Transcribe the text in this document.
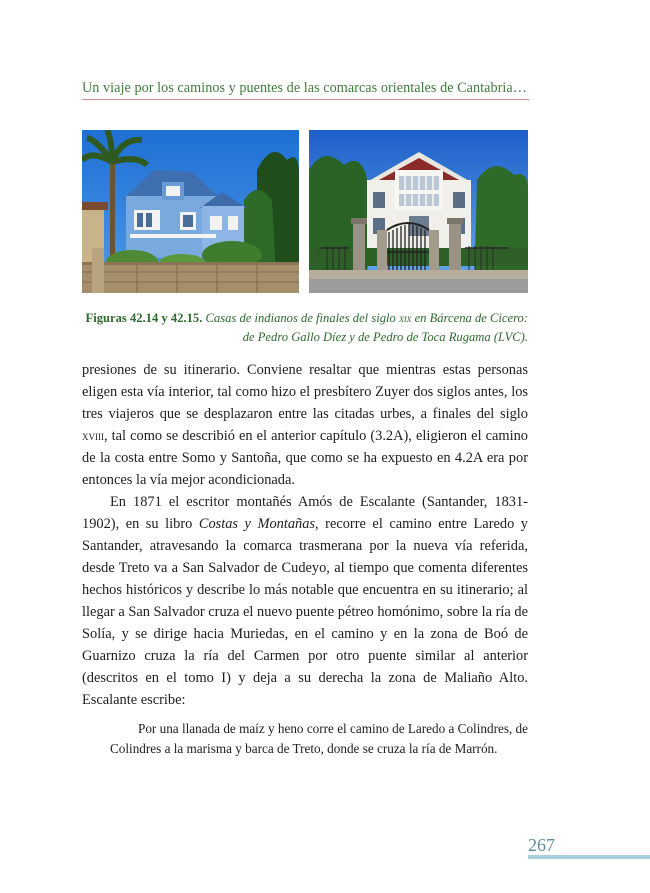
Un viaje por los caminos y puentes de las comarcas orientales de Cantabria…
Figuras 42.14 y 42.15. Casas de indianos de finales del siglo xix en Bárcena de Cicero: de Pedro Gallo Díez y de Pedro de Toca Rugama (LVC).
presiones de su itinerario. Conviene resaltar que mientras estas personas eligen esta vía interior, tal como hizo el presbítero Zuyer dos siglos antes, los tres viajeros que se desplazaron entre las citadas urbes, a finales del siglo xviii, tal como se describió en el anterior capítulo (3.2A), eligieron el camino de la costa entre Somo y Santoña, que como se ha expuesto en 4.2A era por entonces la vía mejor acondicionada.
En 1871 el escritor montañés Amós de Escalante (Santander, 1831-1902), en su libro Costas y Montañas, recorre el camino entre Laredo y Santander, atravesando la comarca trasmerana por la nueva vía referida, desde Treto va a San Salvador de Cudeyo, al tiempo que comenta diferentes hechos históricos y describe lo más notable que encuentra en su itinerario; al llegar a San Salvador cruza el nuevo puente pétreo homónimo, sobre la ría de Solía, y se dirige hacia Muriedas, en el camino y en la zona de Boó de Guarnizo cruza la ría del Carmen por otro puente similar al anterior (descritos en el tomo I) y deja a su derecha la zona de Maliaño Alto. Escalante escribe:
Por una llanada de maíz y heno corre el camino de Laredo a Colindres, de Colindres a la marisma y barca de Treto, donde se cruza la ría de Marrón.
267
